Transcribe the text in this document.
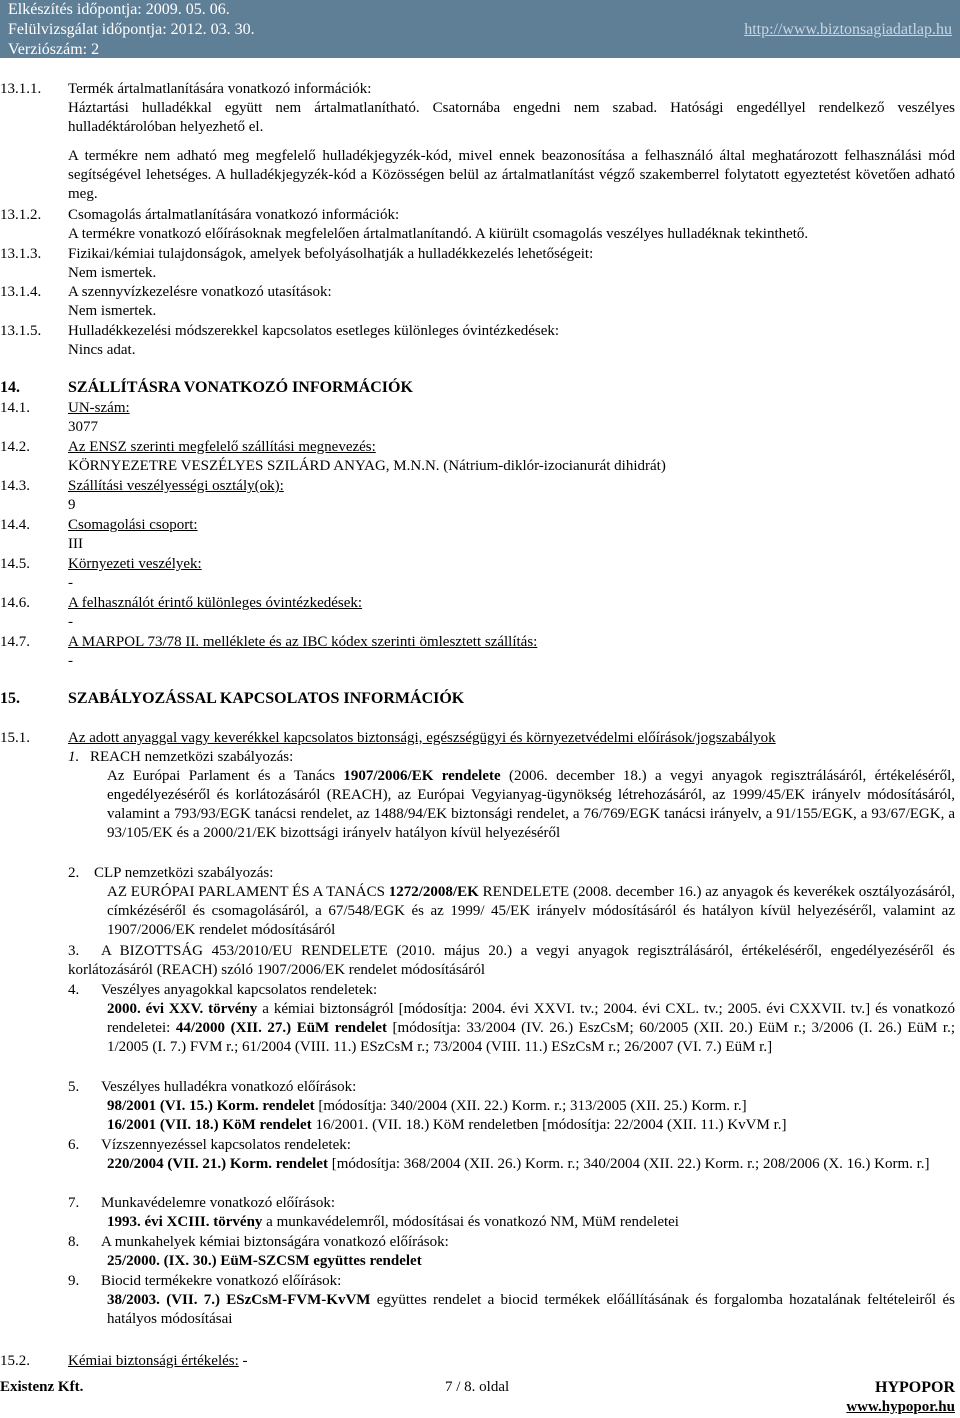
Elkészítés időpontja: 2009. 05. 06.
Felülvizsgálat időpontja: 2012. 03. 30.
Verziószám: 2
http://www.biztonsagiadatlap.hu
13.1.1. Termék ártalmatlanítására vonatkozó információk:
Háztartási hulladékkal együtt nem ártalmatlanítható. Csatornába engedni nem szabad. Hatósági engedéllyel rendelkező veszélyes hulladéktárolóban helyezhető el.
A termékre nem adható meg megfelelő hulladékjegyzék-kód, mivel ennek beazonosítása a felhasználó által meghatározott felhasználási mód segítségével lehetséges. A hulladékjegyzék-kód a Közösségen belül az ártalmatlanítást végző szakemberrel folytatott egyeztetést követően adható meg.
13.1.2. Csomagolás ártalmatlanítására vonatkozó információk:
A termékre vonatkozó előírásoknak megfelelően ártalmatlanítandó. A kiürült csomagolás veszélyes hulladéknak tekinthető.
13.1.3. Fizikai/kémiai tulajdonságok, amelyek befolyásolhatják a hulladékkezelés lehetőségeit:
Nem ismertek.
13.1.4. A szennyvízkezelésre vonatkozó utasítások:
Nem ismertek.
13.1.5. Hulladékkezelési módszerekkel kapcsolatos esetleges különleges óvintézkedések:
Nincs adat.
14.	SZÁLLÍTÁSRA VONATKOZÓ INFORMÁCIÓK
14.1.	UN-szám:
3077
14.2.	Az ENSZ szerinti megfelelő szállítási megnevezés:
KÖRNYEZETRE VESZÉLYES SZILÁRD ANYAG, M.N.N. (Nátrium-diklór-izocianurát dihidrát)
14.3.	Szállítási veszélyességi osztály(ok):
9
14.4.	Csomagolási csoport:
III
14.5.	Környezeti veszélyek:
-
14.6.	A felhasználót érintő különleges óvintézkedések:
-
14.7.	A MARPOL 73/78 II. melléklete és az IBC kódex szerinti ömlesztett szállítás:
-
15.	SZABÁLYOZÁSSAL KAPCSOLATOS INFORMÁCIÓK
15.1.	Az adott anyaggal vagy keverékkel kapcsolatos biztonsági, egészségügyi és környezetvédelmi előírások/jogszabályok
1. REACH nemzetközi szabályozás:
Az Európai Parlament és a Tanács 1907/2006/EK rendelete (2006. december 18.) a vegyi anyagok regisztrálásáról, értékeléséről, engedélyezéséről és korlátozásáról (REACH), az Európai Vegyianyag-ügynökség létrehozásáról, az 1999/45/EK irányelv módosításáról, valamint a 793/93/EGK tanácsi rendelet, az 1488/94/EK biztonsági rendelet, a 76/769/EGK tanácsi irányelv, a 91/155/EGK, a 93/67/EGK, a 93/105/EK és a 2000/21/EK bizottsági irányelv hatályon kívül helyezéséről
2. CLP nemzetközi szabályozás:
AZ EURÓPAI PARLAMENT ÉS A TANÁCS 1272/2008/EK RENDELETE (2008. december 16.) az anyagok és keverékek osztályozásáról, címkézéséről és csomagolásáról, a 67/548/EGK és az 1999/ 45/EK irányelv módosításáról és hatályon kívül helyezéséről, valamint az 1907/2006/EK rendelet módosításáról
3.	A BIZOTTSÁG 453/2010/EU RENDELETE (2010. május 20.) a vegyi anyagok regisztrálásáról, értékeléséről, engedélyezéséről és korlátozásáról (REACH) szóló 1907/2006/EK rendelet módosításáról
4. Veszélyes anyagokkal kapcsolatos rendeletek:
2000. évi XXV. törvény a kémiai biztonságról [módosítja: 2004. évi XXVI. tv.; 2004. évi CXL. tv.; 2005. évi CXXVII. tv.] és vonatkozó rendeletei: 44/2000 (XII. 27.) EüM rendelet [módosítja: 33/2004 (IV. 26.) EszCsM; 60/2005 (XII. 20.) EüM r.; 3/2006 (I. 26.) EüM r.; 1/2005 (I. 7.) FVM r.; 61/2004 (VIII. 11.) ESzCsM r.; 73/2004 (VIII. 11.) ESzCsM r.; 26/2007 (VI. 7.) EüM r.]
5. Veszélyes hulladékra vonatkozó előírások:
98/2001 (VI. 15.) Korm. rendelet [módosítja: 340/2004 (XII. 22.) Korm. r.; 313/2005 (XII. 25.) Korm. r.]
16/2001 (VII. 18.) KöM rendelet 16/2001. (VII. 18.) KöM rendeletben [módosítja: 22/2004 (XII. 11.) KvVM r.]
6. Vízszennyezéssel kapcsolatos rendeletek:
220/2004 (VII. 21.) Korm. rendelet [módosítja: 368/2004 (XII. 26.) Korm. r.; 340/2004 (XII. 22.) Korm. r.; 208/2006 (X. 16.) Korm. r.]
7. Munkavédelemre vonatkozó előírások:
1993. évi XCIII. törvény a munkavédelemről, módosításai és vonatkozó NM, MüM rendeletei
8. A munkahelyek kémiai biztonságára vonatkozó előírások:
25/2000. (IX. 30.) EüM-SZCSM együttes rendelet
9. Biocid termékekre vonatkozó előírások:
38/2003. (VII. 7.) ESzCsM-FVM-KvVM együttes rendelet a biocid termékek előállításának és forgalomba hozatalának feltételeiről és hatályos módosításai
15.2.	Kémiai biztonsági értékelés: -
Existenz Kft.	7 / 8. oldal	HYPOPOR
www.hypopor.hu
